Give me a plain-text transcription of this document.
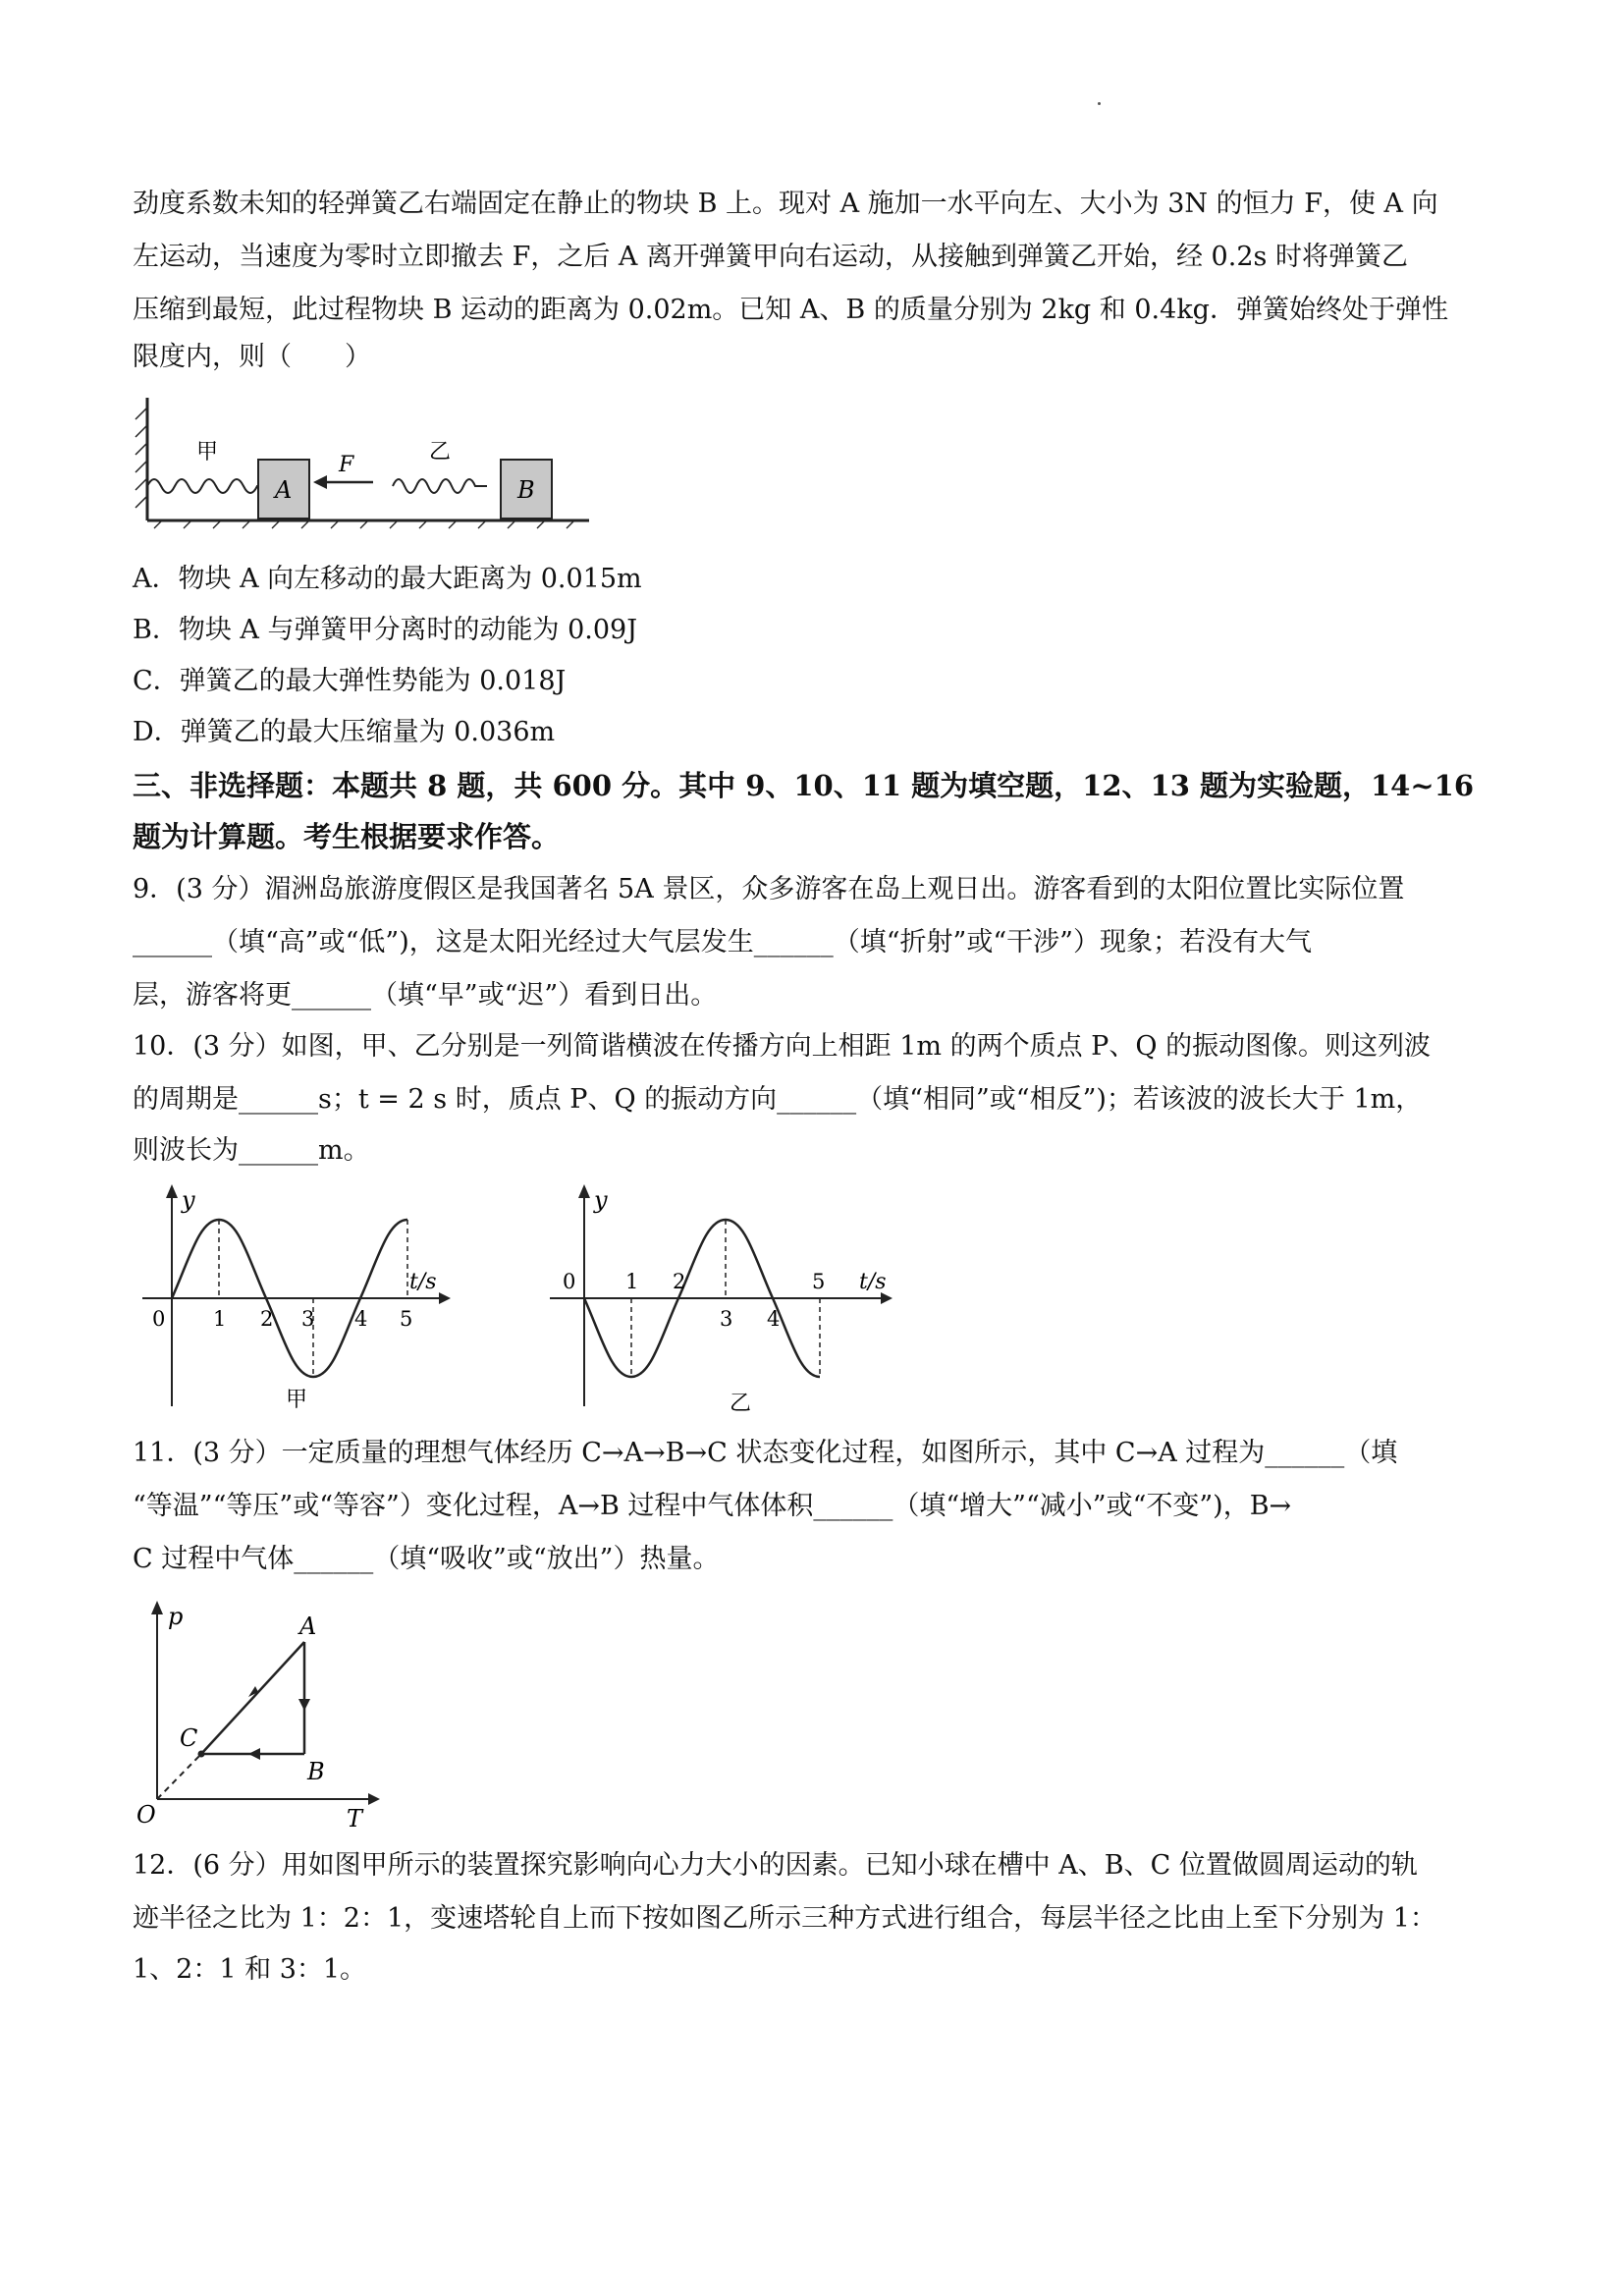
劲度系数未知的轻弹簧乙右端固定在静止的物块 B 上。现对 A 施加一水平向左、大小为 3N 的恒力 F，使 A 向
左运动，当速度为零时立即撤去 F，之后 A 离开弹簧甲向右运动，从接触到弹簧乙开始，经 0.2s 时将弹簧乙
压缩到最短，此过程物块 B 运动的距离为 0.02m。已知 A、B 的质量分别为 2kg 和 0.4kg．弹簧始终处于弹性
限度内，则（　　）
甲
A
F
乙
B
A．物块 A 向左移动的最大距离为 0.015m
B．物块 A 与弹簧甲分离时的动能为 0.09J
C．弹簧乙的最大弹性势能为 0.018J
D．弹簧乙的最大压缩量为 0.036m
三、非选择题：本题共 8 题，共 600 分。其中 9、10、11 题为填空题，12、13 题为实验题，14~16
题为计算题。考生根据要求作答。
9．(3 分）湄洲岛旅游度假区是我国著名 5A 景区，众多游客在岛上观日出。游客看到的太阳位置比实际位置
______（填“高”或“低”)，这是太阳光经过大气层发生______（填“折射”或“干涉”）现象；若没有大气
层，游客将更______（填“早”或“迟”）看到日出。
10．(3 分）如图，甲、乙分别是一列简谐横波在传播方向上相距 1m 的两个质点 P、Q 的振动图像。则这列波
的周期是______s；t = 2 s 时，质点 P、Q 的振动方向______（填“相同”或“相反”)；若该波的波长大于 1m，
则波长为______m。
y
t/s
0 1 2 3 4 5
甲
y
t/s
0 1 2
3 4
5
乙
11．(3 分）一定质量的理想气体经历 C→A→B→C 状态变化过程，如图所示，其中 C→A 过程为______（填
“等温”“等压”或“等容”）变化过程，A→B 过程中气体体积______（填“增大”“减小”或“不变”)，B→
C 过程中气体______（填“吸收”或“放出”）热量。
p
T
O
A
B
C
12．(6 分）用如图甲所示的装置探究影响向心力大小的因素。已知小球在槽中 A、B、C 位置做圆周运动的轨
迹半径之比为 1：2：1，变速塔轮自上而下按如图乙所示三种方式进行组合，每层半径之比由上至下分别为 1：
1、2：1 和 3：1。
